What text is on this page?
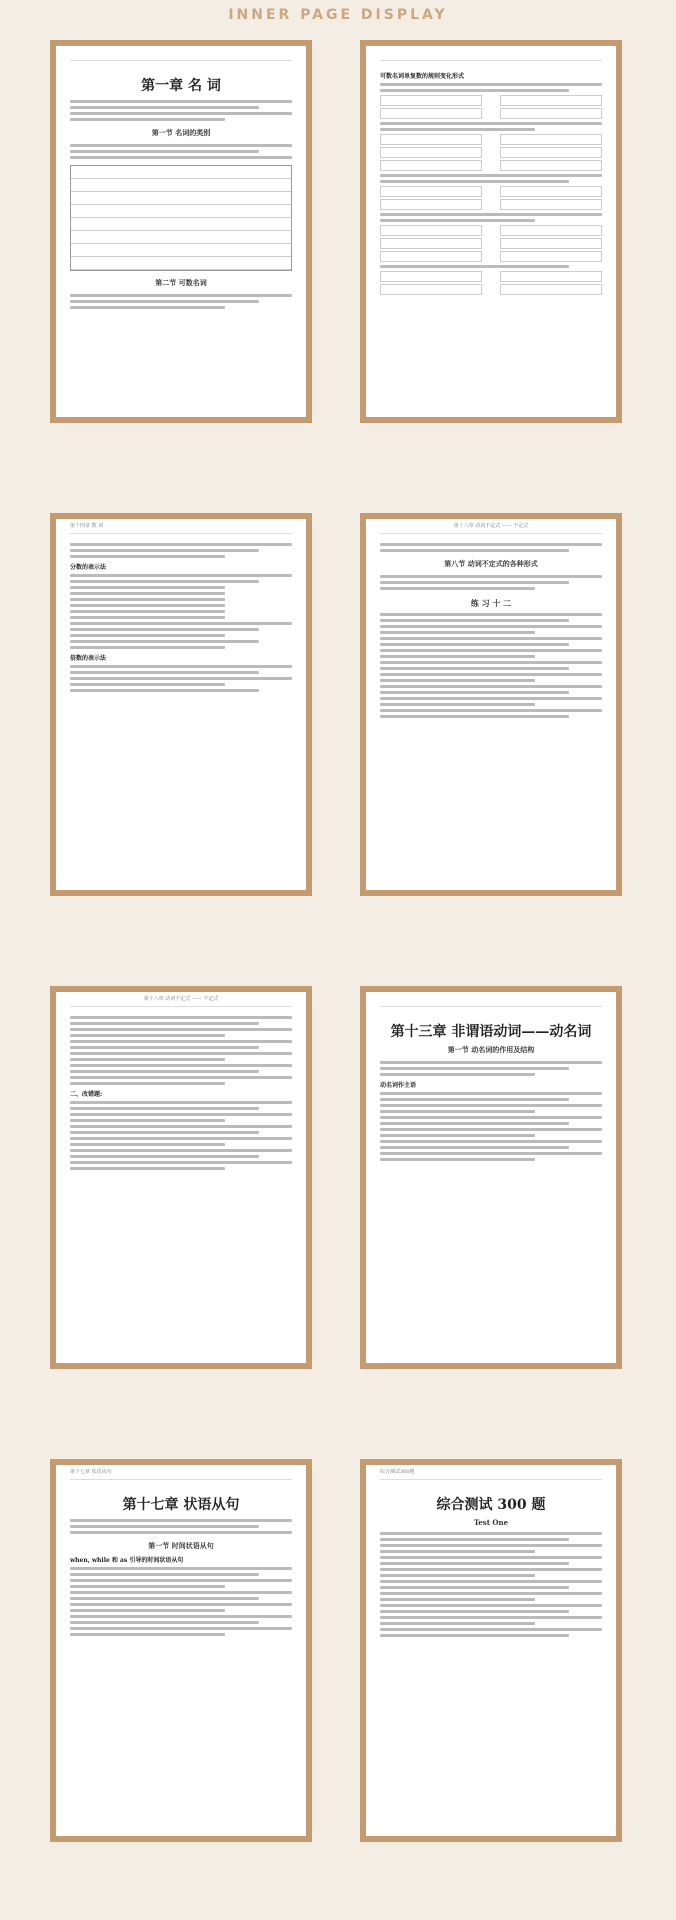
INNER PAGE DISPLAY
第一章 名 词
第一节 名词的类别
第二节 可数名词
可数名词单复数的规则变化形式
第十四章 数 词
分数的表示法
倍数的表示法
第十八章 动词不定式 —— 不定式
第八节 动词不定式的各种形式
练 习 十 二
第十八章 动词不定式 —— 不定式
二、改错题:
第十三章 非谓语动词——动名词
第一节 动名词的作用及结构
动名词作主语
第十七章 状语从句
第十七章 状语从句
第一节 时间状语从句
when, while 和 as 引导的时间状语从句
综合测试300题
综合测试 300 题
Test One
